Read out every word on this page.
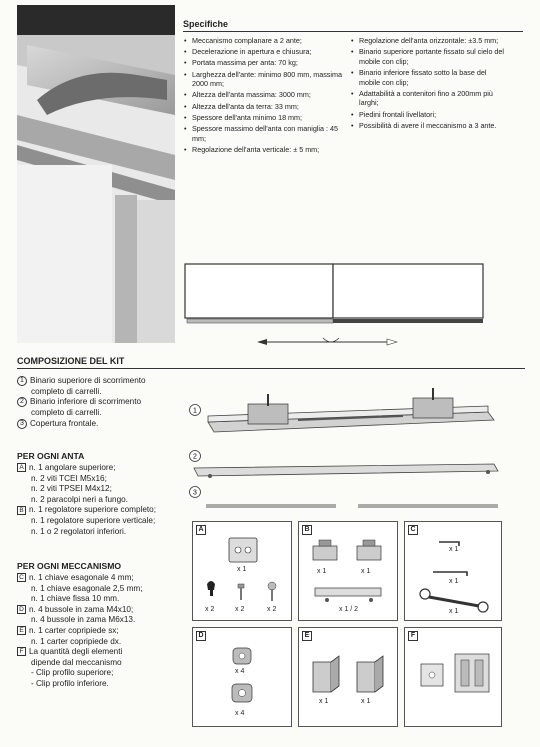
Specifiche
• Meccanismo complanare a 2 ante;
• Decelerazione in apertura e chiusura;
• Portata massima per anta: 70 kg;
• Larghezza dell'ante: minimo 800 mm, massima 2000 mm;
• Altezza dell'anta massima: 3000 mm;
• Altezza dell'anta da terra: 33 mm;
• Spessore dell'anta minimo 18 mm;
• Spessore massimo dell'anta con maniglia : 45 mm;
• Regolazione dell'anta verticale: ± 5 mm;
• Regolazione dell'anta orizzontale: ±3.5 mm;
• Binario superiore portante fissato sul cielo del mobile con clip;
• Binario inferiore fissato sotto la base del mobile con clip;
• Adattabilità a contenitori fino a 200mm più larghi;
• Piedini frontali livellatori;
• Possibilità di avere il meccanismo a 3 ante.
COMPOSIZIONE DEL KIT
1 Binario superiore di scorrimento
completo di carrelli.
2 Binario inferiore di scorrimento
completo di carrelli.
3 Copertura frontale.
PER OGNI ANTA
A n. 1 angolare superiore;
n. 2 viti TCEI M5x16;
n. 2 viti TPSEI M4x12;
n. 2 paracolpi neri a fungo.
B n. 1 regolatore superiore completo;
n. 1 regolatore superiore verticale;
n. 1 o 2 regolatori inferiori.
PER OGNI MECCANISMO
C n. 1 chiave esagonale 4 mm;
n. 1 chiave esagonale 2,5 mm;
n. 1 chiave fissa 10 mm.
D n. 4 bussole in zama M4x10;
n. 4 bussole in zama M6x13.
E n. 1 carter copripiede sx;
n. 1 carter copripiede dx.
F La quantità degli elementi
dipende dal meccanismo
- Clip profilo superiore;
- Clip profilo inferiore.
1
2
3
A
x 1
x 2	x 2	x 2
B
x 1	x 1
x 1 / 2
C
x 1
x 1
x 1
D
x 4
x 4
E
x 1	x 1
F
